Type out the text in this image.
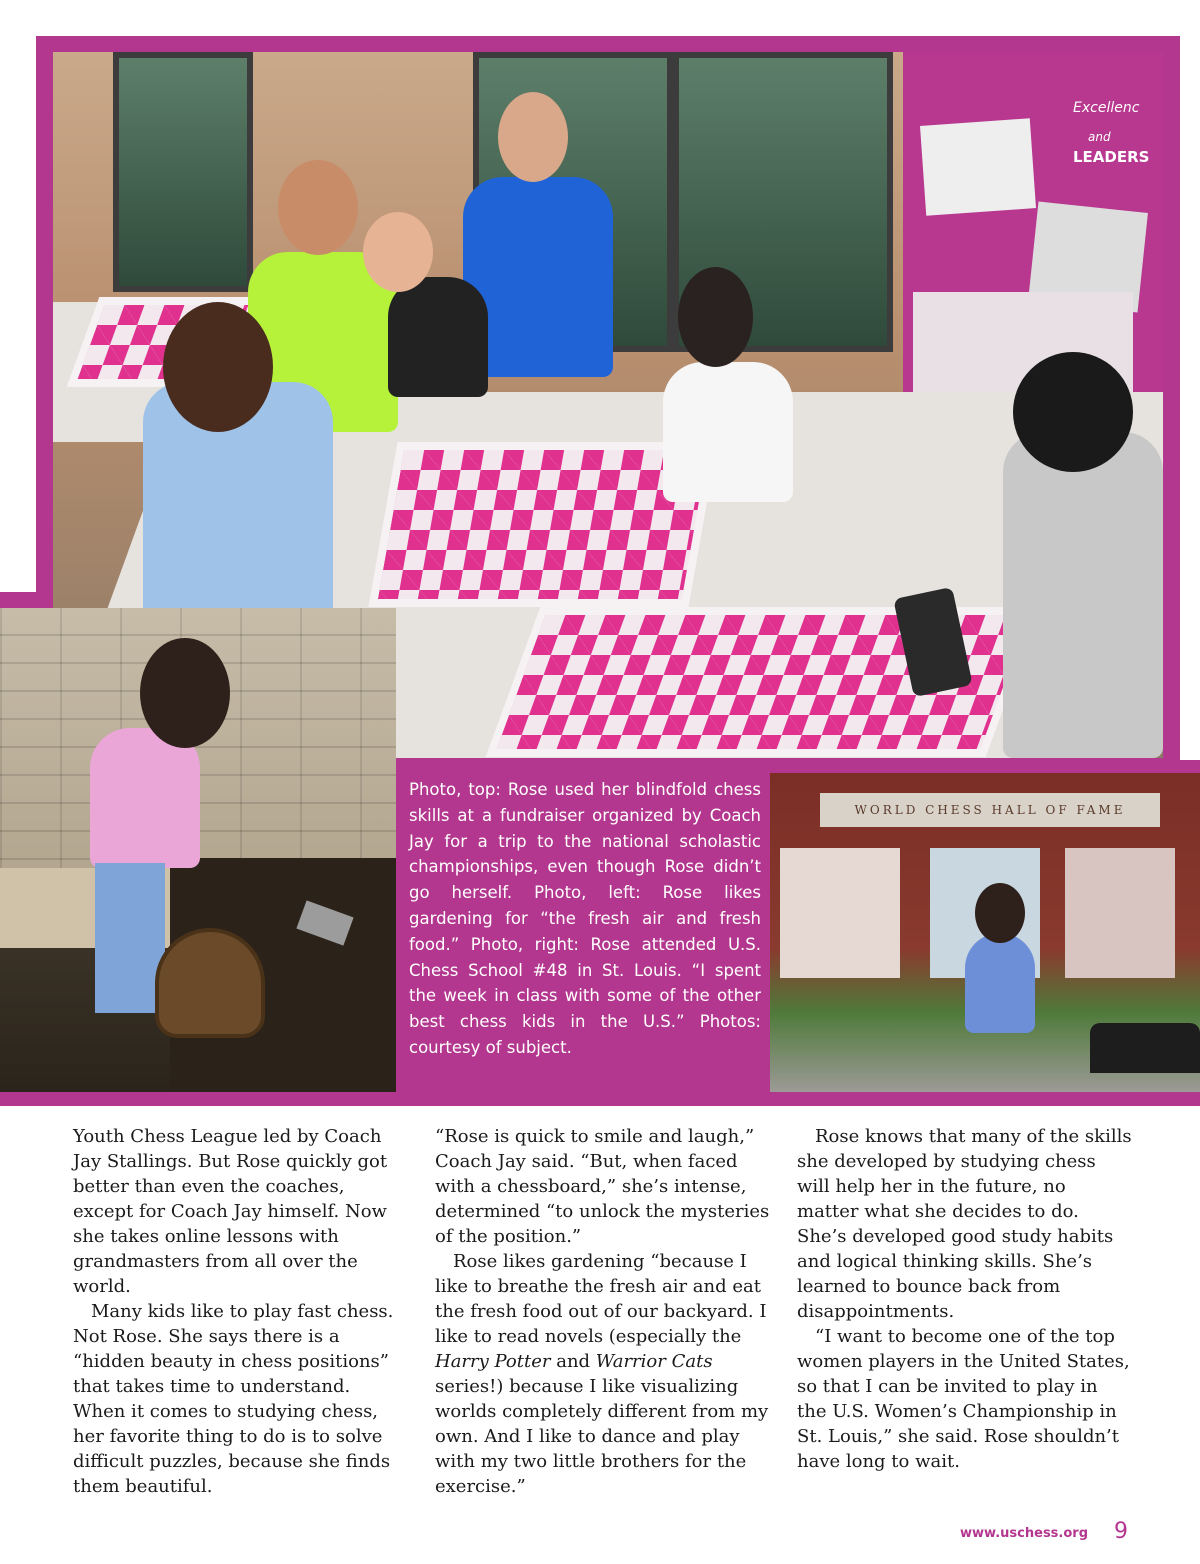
Excellenc
and
LEADERS
WORLD CHESS HALL OF FAME
Photo, top: Rose used her blindfold chess skills at a fundraiser organized by Coach Jay for a trip to the national scholastic championships, even though Rose didn’t go herself. Photo, left: Rose likes gardening for “the fresh air and fresh food.” Photo, right: Rose attended U.S. Chess School #48 in St. Louis. “I spent the week in class with some of the other best chess kids in the U.S.” Photos: courtesy of subject.

Youth Chess League led by Coach Jay Stallings. But Rose quickly got better than even the coaches, except for Coach Jay himself. Now she takes online lessons with grandmasters from all over the world.

Many kids like to play fast chess. Not Rose. She says there is a “hidden beauty in chess positions” that takes time to understand. When it comes to studying chess, her favorite thing to do is to solve difficult puzzles, because she finds them beautiful.

“Rose is quick to smile and laugh,” Coach Jay said. “But, when faced with a chessboard,” she’s intense, determined “to unlock the mysteries of the position.”

Rose likes gardening “because I like to breathe the fresh air and eat the fresh food out of our backyard. I like to read novels (especially the Harry Potter and Warrior Cats series!) because I like visualizing worlds completely different from my own. And I like to dance and play with my two little brothers for the exercise.”

Rose knows that many of the skills she developed by studying chess will help her in the future, no matter what she decides to do. She’s developed good study habits and logical thinking skills. She’s learned to bounce back from disappointments.

“I want to become one of the top women players in the United States, so that I can be invited to play in the U.S. Women’s Championship in St. Louis,” she said. Rose shouldn’t have long to wait.

www.uschess.org 9
